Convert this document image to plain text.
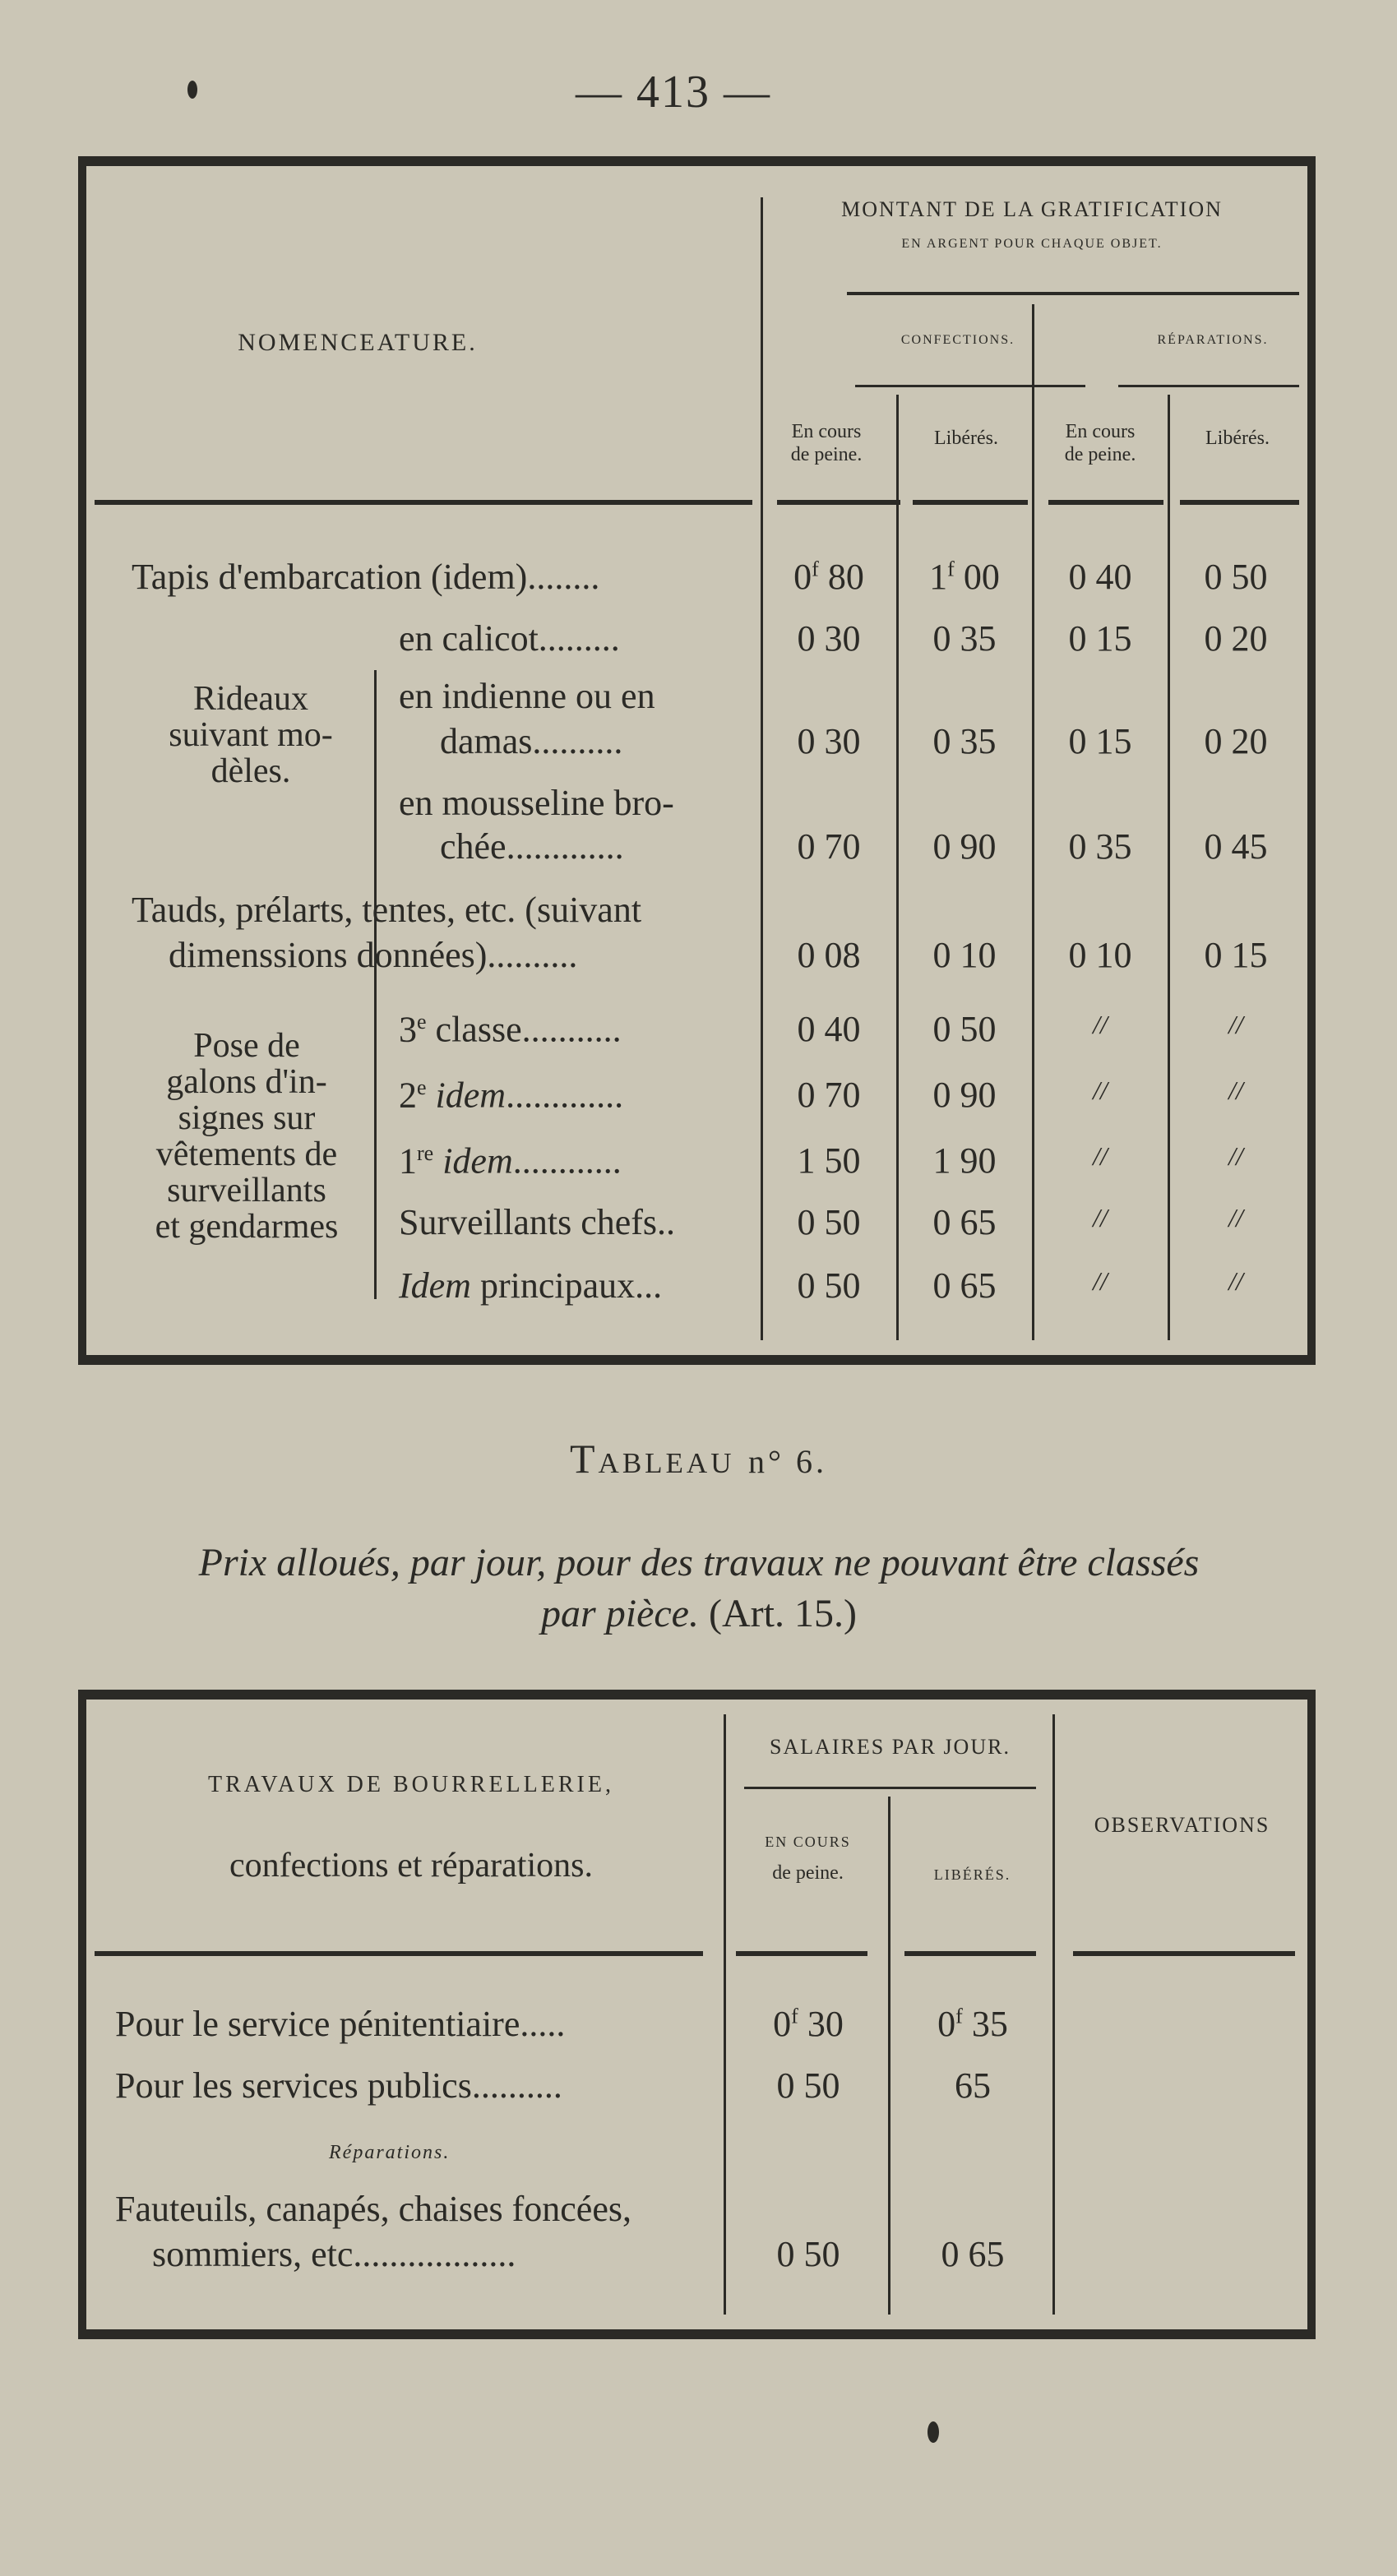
— 413 —
NOMENCEATURE.
MONTANT DE LA GRATIFICATION
EN ARGENT POUR CHAQUE OBJET.
CONFECTIONS.	RÉPARATIONS.
En cours
de peine.
Libérés.	En cours
de peine.
Libérés.
Tapis d'embarcation (idem)........	0$^f$ 80	1$^f$ 00	0 40	0 50
Rideaux
suivant mo-
dèles.
en calicot.........	0 30	0 35	0 15	0 20
en indienne ou en
damas..........	0 30	0 35	0 15	0 20
en mousseline bro-
chée.............	0 70	0 90	0 35	0 45
Tauds, prélarts, tentes, etc. (suivant
dimenssions données)..........	0 08	0 10	0 10	0 15
Pose de
galons d'in-
signes sur
vêtements de
surveillants
et gendarmes
3e classe...........	0 40	0 50	//	//
2e idem.............	0 70	0 90	//	//
1re idem............	1 50	1 90	//	//
Surveillants chefs..	0 50	0 65	//	//
Idem principaux...	0 50	0 65	//	//
Tableau n° 6.
Prix alloués, par jour, pour des travaux ne pouvant être classés
par pièce. (Art. 15.)
TRAVAUX DE BOURRELLERIE,
confections et réparations.
SALAIRES PAR JOUR.
EN COURS
de peine.	LIBÉRÉS.
OBSERVATIONS
Pour le service pénitentiaire.....	0$^f$ 30	0$^f$ 35
Pour les services publics..........	0 50	65
Réparations.
Fauteuils, canapés, chaises foncées,
sommiers, etc..................	0 50	0 65
